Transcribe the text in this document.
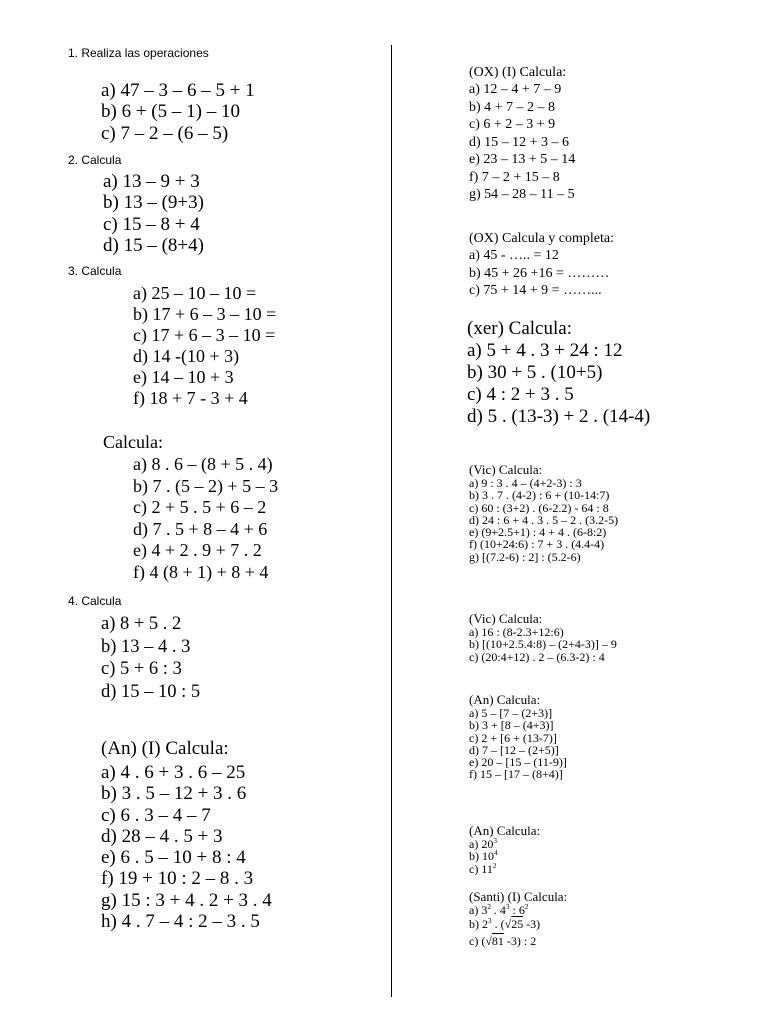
1. Realiza las operaciones
a) 47 – 3 – 6 – 5 + 1
b) 6 + (5 – 1) – 10
c) 7 – 2 – (6 – 5)
2. Calcula
a) 13 – 9 + 3
b) 13 – (9+3)
c) 15 – 8 + 4
d) 15 – (8+4)
3. Calcula
a) 25 – 10 – 10 =
b) 17 + 6 – 3 – 10 =
c) 17 + 6 – 3 – 10 =
d) 14 -(10 + 3)
e) 14 – 10 + 3
f) 18 + 7 - 3 + 4
Calcula:
a) 8 . 6 – (8 + 5 . 4)
b) 7 . (5 – 2) + 5 – 3
c) 2 + 5 . 5 + 6 – 2
d) 7 . 5 + 8 – 4 + 6
e) 4 + 2 . 9 + 7 . 2
f) 4 (8 + 1) + 8 + 4
4. Calcula
a) 8 + 5 . 2
b) 13 – 4 . 3
c) 5 + 6 : 3
d) 15 – 10 : 5
(An) (I) Calcula:
a) 4 . 6 + 3 . 6 – 25
b) 3 . 5 – 12 + 3 . 6
c) 6 . 3 – 4 – 7
d) 28 – 4 . 5 + 3
e) 6 . 5 – 10 + 8 : 4
f) 19 + 10 : 2 – 8 . 3
g) 15 : 3 + 4 . 2 + 3 . 4
h) 4 . 7 – 4 : 2 – 3 . 5
(OX) (I) Calcula:
a) 12 – 4 + 7 – 9
b) 4 + 7 – 2 – 8
c) 6 + 2 – 3 + 9
d) 15 – 12 + 3 – 6
e) 23 – 13 + 5 – 14
f) 7 – 2 + 15 – 8
g) 54 – 28 – 11 – 5
(OX) Calcula y completa:
a) 45 - ….. = 12
b) 45 + 26 +16 = ………
c) 75 + 14 + 9 = ……...
(xer) Calcula:
a) 5 + 4 . 3 + 24 : 12
b) 30 + 5 . (10+5)
c) 4 : 2 + 3 . 5
d) 5 . (13-3) + 2 . (14-4)
(Vic) Calcula:
a) 9 : 3 . 4 – (4+2-3) : 3
b) 3 . 7 . (4-2) : 6 + (10-14:7)
c) 60 : (3+2) . (6-2.2) - 64 : 8
d) 24 : 6 + 4 . 3 . 5 – 2 . (3.2-5)
e) (9+2.5+1) : 4 + 4 . (6-8:2)
f) (10+24:6) : 7 + 3 . (4.4-4)
g) [(7.2-6) : 2] : (5.2-6)
(Vic) Calcula:
a) 16 : (8-2.3+12:6)
b) [(10+2.5.4:8) – (2+4-3)] – 9
c) (20:4+12) . 2 – (6.3-2) : 4
(An) Calcula:
a) 5 – [7 – (2+3)]
b) 3 + [8 – (4+3)]
c) 2 + [6 + (13-7)]
d) 7 – [12 – (2+5)]
e) 20 – [15 – (11-9)]
f) 15 – [17 – (8+4)]
(An) Calcula:
a) $20^3$
b) $10^4$
c) $11^2$
(Santi) (I) Calcula:
a) $3^2$ . $4^3$ : $6^2$
b) $2^3$ . (√25 -3)
c) (√81 -3) : 2
